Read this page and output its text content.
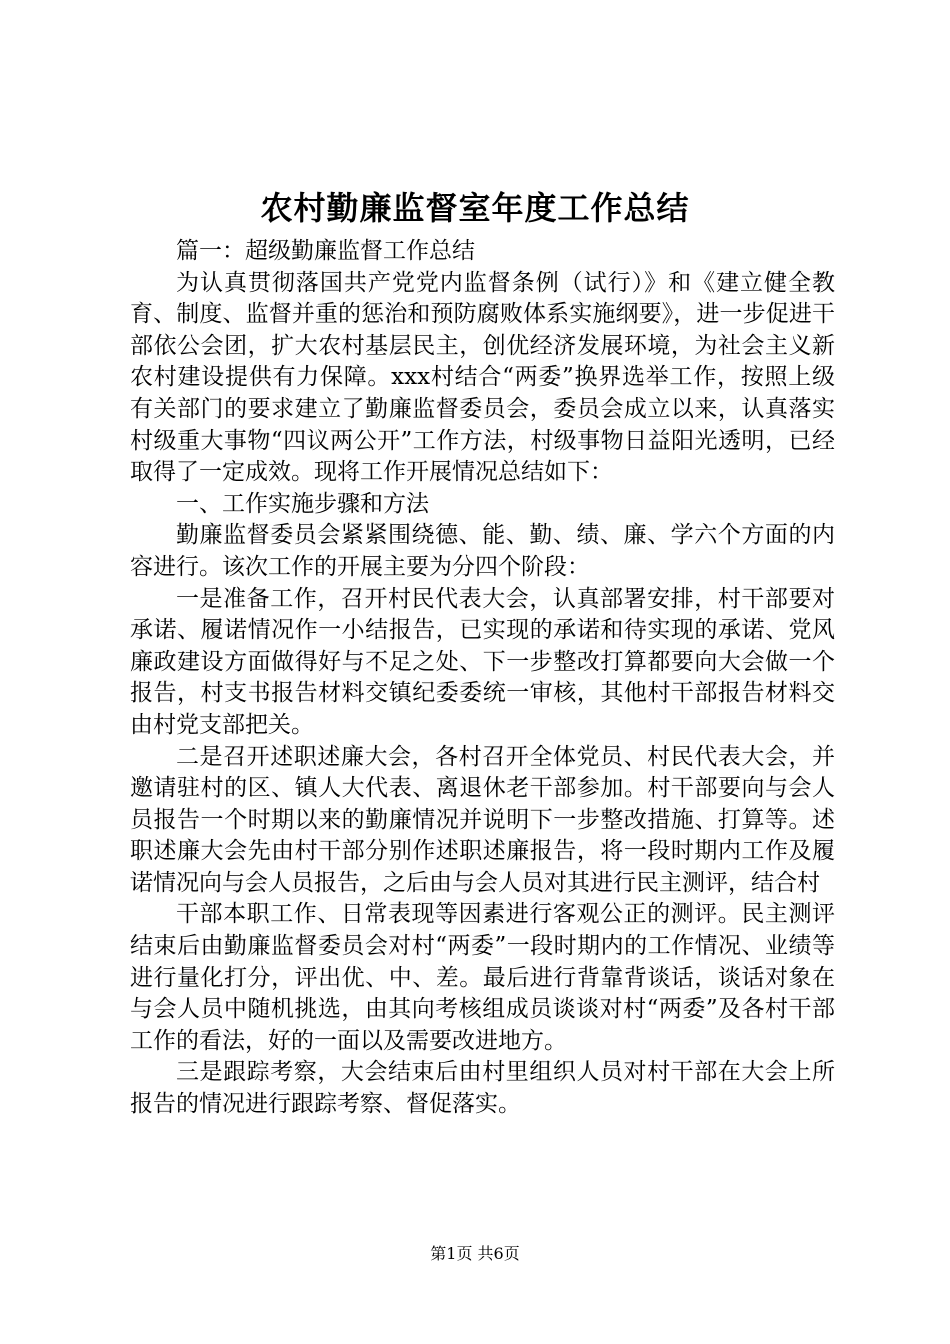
农村勤廉监督室年度工作总结

篇一：超级勤廉监督工作总结

为认真贯彻落国共产党党内监督条例（试行）》和《建立健全教育、制度、监督并重的惩治和预防腐败体系实施纲要》，进一步促进干部依公会团，扩大农村基层民主，创优经济发展环境，为社会主义新农村建设提供有力保障。xxx村结合“两委”换界选举工作，按照上级有关部门的要求建立了勤廉监督委员会，委员会成立以来，认真落实村级重大事物“四议两公开”工作方法，村级事物日益阳光透明，已经取得了一定成效。现将工作开展情况总结如下：

一、工作实施步骤和方法

勤廉监督委员会紧紧围绕德、能、勤、绩、廉、学六个方面的内容进行。该次工作的开展主要为分四个阶段：

一是准备工作，召开村民代表大会，认真部署安排，村干部要对承诺、履诺情况作一小结报告，已实现的承诺和待实现的承诺、党风廉政建设方面做得好与不足之处、下一步整改打算都要向大会做一个报告，村支书报告材料交镇纪委委统一审核，其他村干部报告材料交由村党支部把关。

二是召开述职述廉大会，各村召开全体党员、村民代表大会，并邀请驻村的区、镇人大代表、离退休老干部参加。村干部要向与会人员报告一个时期以来的勤廉情况并说明下一步整改措施、打算等。述职述廉大会先由村干部分别作述职述廉报告，将一段时期内工作及履诺情况向与会人员报告，之后由与会人员对其进行民主测评，结合村

干部本职工作、日常表现等因素进行客观公正的测评。民主测评结束后由勤廉监督委员会对村“两委”一段时期内的工作情况、业绩等进行量化打分，评出优、中、差。最后进行背靠背谈话，谈话对象在与会人员中随机挑选，由其向考核组成员谈谈对村“两委”及各村干部工作的看法，好的一面以及需要改进地方。

三是跟踪考察，大会结束后由村里组织人员对村干部在大会上所报告的情况进行跟踪考察、督促落实。

第1页 共6页
